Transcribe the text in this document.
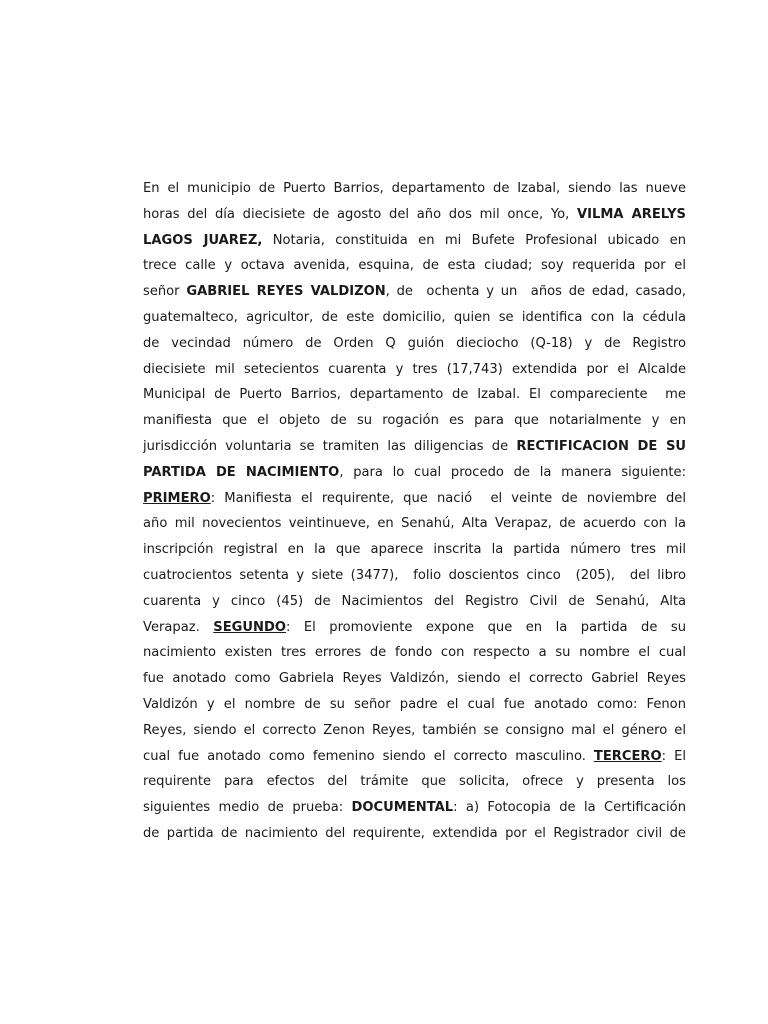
En el municipio de Puerto Barrios, departamento de Izabal, siendo las nueve
horas del día diecisiete de agosto del año dos mil once, Yo, VILMA ARELYS
LAGOS JUAREZ, Notaria, constituida en mi Bufete Profesional ubicado en
trece calle y octava avenida, esquina, de esta ciudad; soy requerida por el
señor GABRIEL REYES VALDIZON, de  ochenta y un  años de edad, casado,
guatemalteco, agricultor, de este domicilio, quien se identifica con la cédula
de vecindad número de Orden Q guión dieciocho (Q-18) y de Registro
diecisiete mil setecientos cuarenta y tres (17,743) extendida por el Alcalde
Municipal de Puerto Barrios, departamento de Izabal. El compareciente  me
manifiesta que el objeto de su rogación es para que notarialmente y en
jurisdicción voluntaria se tramiten las diligencias de RECTIFICACION DE SU
PARTIDA DE NACIMIENTO, para lo cual procedo de la manera siguiente:
PRIMERO: Manifiesta el requirente, que nació  el veinte de noviembre del
año mil novecientos veintinueve, en Senahú, Alta Verapaz, de acuerdo con la
inscripción registral en la que aparece inscrita la partida número tres mil
cuatrocientos setenta y siete (3477),  folio doscientos cinco  (205),  del libro
cuarenta y cinco (45) de Nacimientos del Registro Civil de Senahú, Alta
Verapaz. SEGUNDO: El promoviente expone que en la partida de su
nacimiento existen tres errores de fondo con respecto a su nombre el cual
fue anotado como Gabriela Reyes Valdizón, siendo el correcto Gabriel Reyes
Valdizón y el nombre de su señor padre el cual fue anotado como: Fenon
Reyes, siendo el correcto Zenon Reyes, también se consigno mal el género el
cual fue anotado como femenino siendo el correcto masculino. TERCERO: El
requirente para efectos del trámite que solicita, ofrece y presenta los
siguientes medio de prueba: DOCUMENTAL: a) Fotocopia de la Certificación
de partida de nacimiento del requirente, extendida por el Registrador civil de
